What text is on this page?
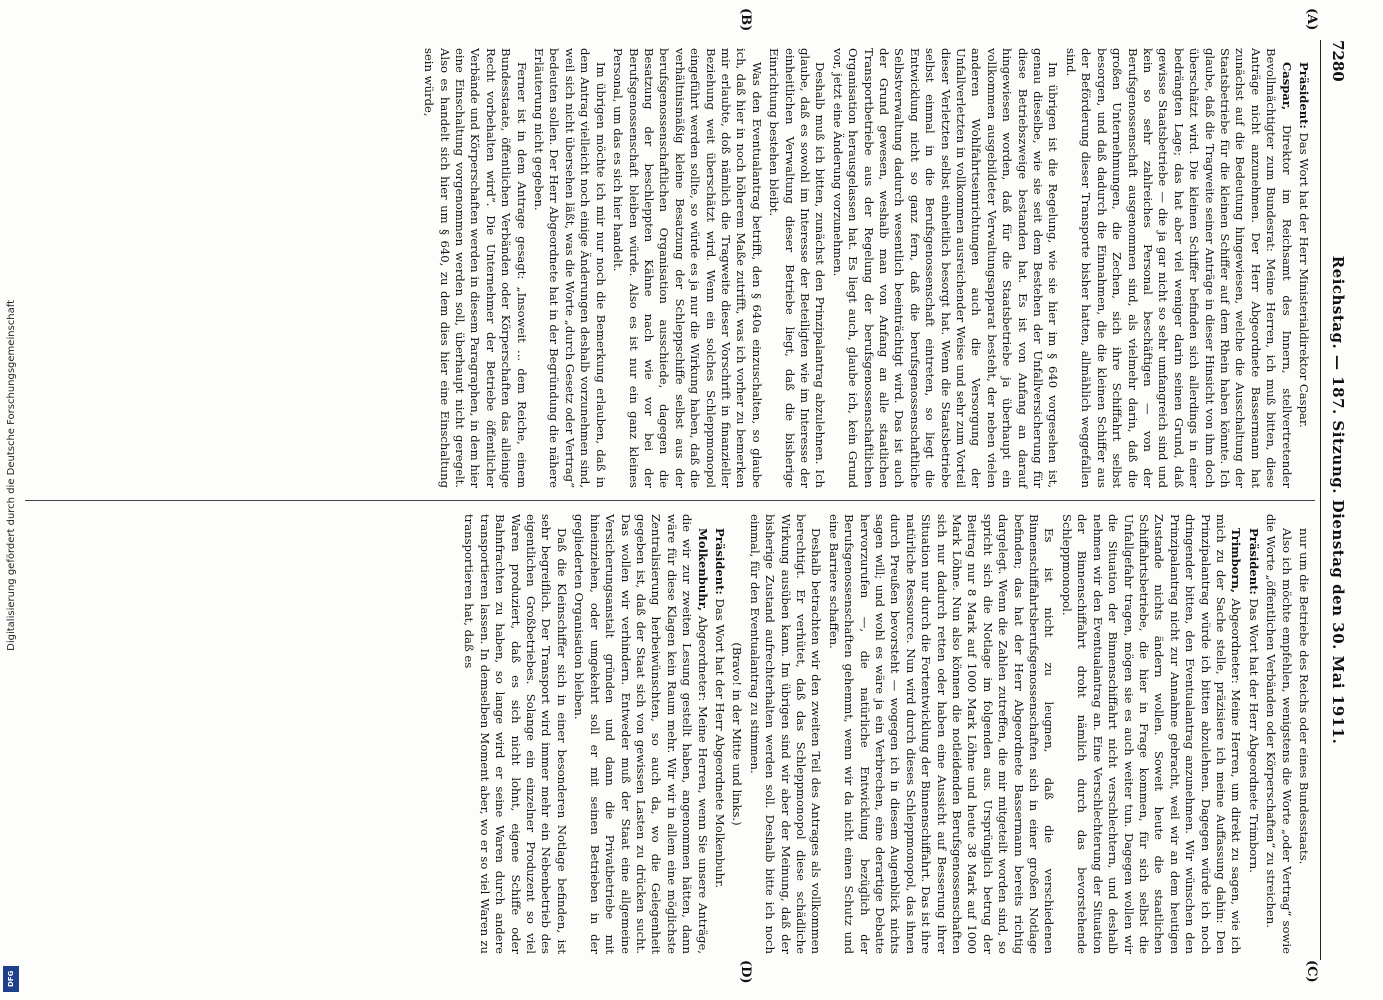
7280
Reichstag. — 187. Sitzung. Dienstag den 30. Mai 1911.
(A)
(B)
(C)
(D)

Präsident: Das Wort hat der Herr Ministerialdirektor Caspar.

Caspar, Direktor im Reichsamt des Innern, stellvertretender Bevollmächtigter zum Bundesrat: Meine Herren, ich muß bitten, diese Anträge nicht anzunehmen. Der Herr Abgeordnete Bassermann hat zunächst auf die Bedeutung hingewiesen, welche die Ausschaltung der Staatsbetriebe für die kleinen Schiffer auf dem Rhein haben könnte. Ich glaube, daß die Tragweite seiner Anträge in dieser Hinsicht von ihm doch überschätzt wird. Die kleinen Schiffer befinden sich allerdings in einer bedrängten Lage; das hat aber viel weniger darin seinen Grund, daß gewisse Staatsbetriebe — die ja gar nicht so sehr umfangreich sind und kein so sehr zahlreiches Personal beschäftigen — von der Berufsgenossenschaft ausgenommen sind, als vielmehr darin, daß die großen Unternehmungen, die Zechen, sich ihre Schiffahrt selbst besorgen, und daß dadurch die Einnahmen, die die kleinen Schiffer aus der Beförderung dieser Transporte bisher hatten, allmählich weggefallen sind.

Im übrigen ist die Regelung, wie sie hier im § 640 vorgesehen ist, genau dieselbe, wie sie seit dem Bestehen der Unfallversicherung für diese Betriebszweige bestanden hat. Es ist von Anfang an darauf hingewiesen worden, daß für die Staatsbetriebe ja überhaupt ein vollkommen ausgebildeter Verwaltungsapparat besteht, der neben vielen anderen Wohlfahrtseinrichtungen auch die Versorgung der Unfallverletzten in vollkommen ausreichender Weise und sehr zum Vorteil dieser Verletzten selbst einheitlich besorgt hat. Wenn die Staatsbetriebe selbst einmal in die Berufsgenossenschaft eintreten, so liegt die Entwicklung nicht so ganz fern, daß die berufsgenossenschaftliche Selbstverwaltung dadurch wesentlich beeinträchtigt wird. Das ist auch der Grund gewesen, weshalb man von Anfang an alle staatlichen Transportbetriebe aus der Regelung der berufsgenossenschaftlichen Organisation herausgelassen hat. Es liegt auch, glaube ich, kein Grund vor, jetzt eine Änderung vorzunehmen.

Deshalb muß ich bitten, zunächst den Prinzipalantrag abzulehnen. Ich glaube, daß es sowohl im Interesse der Beteiligten wie im Interesse der einheitlichen Verwaltung dieser Betriebe liegt, daß die bisherige Einrichtung bestehen bleibt.

Was den Eventualantrag betrifft, den § 640a einzuschalten, so glaube ich, daß hier in noch höherem Maße zutrifft, was ich vorher zu bemerken mir erlaubte, doß nämlich die Tragweite dieser Vorschrift in finanzieller Beziehung weit überschätzt wird. Wenn ein solches Schleppmonopol eingeführt werden sollte, so würde es ja nur die Wirkung haben, daß die verhältnismäßig kleine Besatzung der Schleppschiffe selbst aus der berufsgenossenschaftlichen Organisation ausschiede, dagegen die Besatzung der beschleppten Kähne nach wie vor bei der Berufsgenossenschaft bleiben würde. Also es ist nur ein ganz kleines Personal, um das es sich hier handelt.

Im übrigen möchte ich mir nur noch die Bemerkung erlauben, daß in dem Antrag vielleicht noch einige Änderungen deshalb vorzunehmen sind, weil sich nicht übersehen läßt, was die Worte „durch Gesetz oder Vertrag“ bedeuten sollen. Der Herr Abgeordnete hat in der Begründung die nähere Erläuterung nicht gegeben.

Ferner ist in dem Antrage gesagt: „Insoweit ... dem Reiche, einem Bundesstaate, öffentlichen Verbänden oder Körperschaften das alleinige Recht vorbehalten wird“. Die Unternehmer der Betriebe öffentlicher Verbände und Körperschaften werden in diesem Paragraphen, in dem hier eine Einschaltung vorgenommen werden soll, überhaupt nicht geregelt. Also es handelt sich hier um § 640, zu dem dies hier eine Einschaltung sein würde,

nur um die Betriebe des Reichs oder eines Bundesstaats.

Also ich möchte empfehlen, wenigstens die Worte „oder Vertrag“ sowie die Worte „öffentlichen Verbänden oder Körperschaften“ zu streichen.

Präsident: Das Wort hat der Herr Abgeordnete Trimborn.

Trimborn, Abgeordneter: Meine Herren, um direkt zu sagen, wie ich mich zu der Sache stelle, präzisiere ich meine Auffassung dahin: Den Prinzipalantrag würde ich bitten abzulehnen. Dagegen würde ich noch dringender bitten, den Eventualantrag anzunehmen. Wir wünschen den Prinzipalantrag nicht zur Annahme gebracht, weil wir an dem heutigen Zustande nichts ändern wollen. Soweit heute die staatlichen Schiffahrtsbetriebe, die hier in Frage kommen, für sich selbst die Unfallgefahr tragen, mögen sie es auch weiter tun. Dagegen wollen wir die Situation der Binnenschiffahrt nicht verschlechtern, und deshalb nehmen wir den Eventualantrag an. Eine Verschlechterung der Situation der Binnenschiffahrt droht nämlich durch das bevorstehende Schleppmonopol.

Es ist nicht zu leugnen, daß die verschiedenen Binnenschiffahrtsberufsgenossenschaften sich in einer großen Notlage befinden; das hat der Herr Abgeordnete Bassermann bereits richtig dargelegt. Wenn die Zahlen zutreffen, die mir mitgeteilt worden sind, so spricht sich die Notlage im folgenden aus. Ursprünglich betrug der Beitrag nur 8 Mark auf 1000 Mark Löhne und heute 38 Mark auf 1000 Mark Löhne. Nun also können die notleidenden Berufsgenossenschaften sich nur dadurch retten oder haben eine Aussicht auf Besserung ihrer Situation nur durch die Fortentwicklung der Binnenschiffahrt. Das ist ihre natürliche Ressource. Nun wird durch dieses Schleppmonopol, das ihnen durch Preußen bevorsteht — wogegen ich in diesem Augenblick nichts sagen will; und wohl es wäre ja ein Verbrechen, eine derartige Debatte hervorzurufen —, die natürliche Entwicklung bezüglich der Berufsgenossenschaften gehemmt, wenn wir da nicht einen Schutz und eine Barriere schaffen.

Deshalb betrachten wir den zweiten Teil des Antrages als vollkommen berechtigt. Er verhütet, daß das Schleppmonopol diese schädliche Wirkung ausüben kann. Im übrigen sind wir aber der Meinung, daß der bisherige Zustand aufrechterhalten werden soll. Deshalb bitte ich noch einmal, für den Eventualantrag zu stimmen.

(Bravo! in der Mitte und links.)

Präsident: Das Wort hat der Herr Abgeordnete Molkenbuhr.

Molkenbuhr, Abgeordneter: Meine Herren, wenn Sie unsere Anträge, die wir zur zweiten Lesung gestellt haben, angenommen hätten, dann wäre für diese Klagen kein Raum mehr. Wir wir in allem eine möglichste Zentralisierung herbeiwünschten, so auch da, wo die Gelegenheit gegeben ist, daß der Staat sich von gewissen Lasten zu drücken sucht. Das wollen wir verhindern. Entweder muß der Staat eine allgemeine Versicherungsanstalt gründen und dann die Privatbetriebe mit hineinziehen, oder umgekehrt soll er mit seinen Betrieben in der gegliederten Organisation bleiben.

Daß die Kleinschiffer sich in einer besonderen Notlage befinden, ist sehr begreiflich. Der Transport wird immer mehr ein Nebenbetrieb des eigentlichen Großbetriebes. Solange ein einzelner Produzent so viel Waren produziert, daß es sich nicht lohnt, eigene Schiffe oder Bahnfrachten zu haben, so lange wird er seine Waren durch andere transportieren lassen. In demselben Moment aber, wo er so viel Waren zu transportieren hat, daß es

Digitalisierung gefördert durch die Deutsche Forschungsgemeinschaft
DFG
